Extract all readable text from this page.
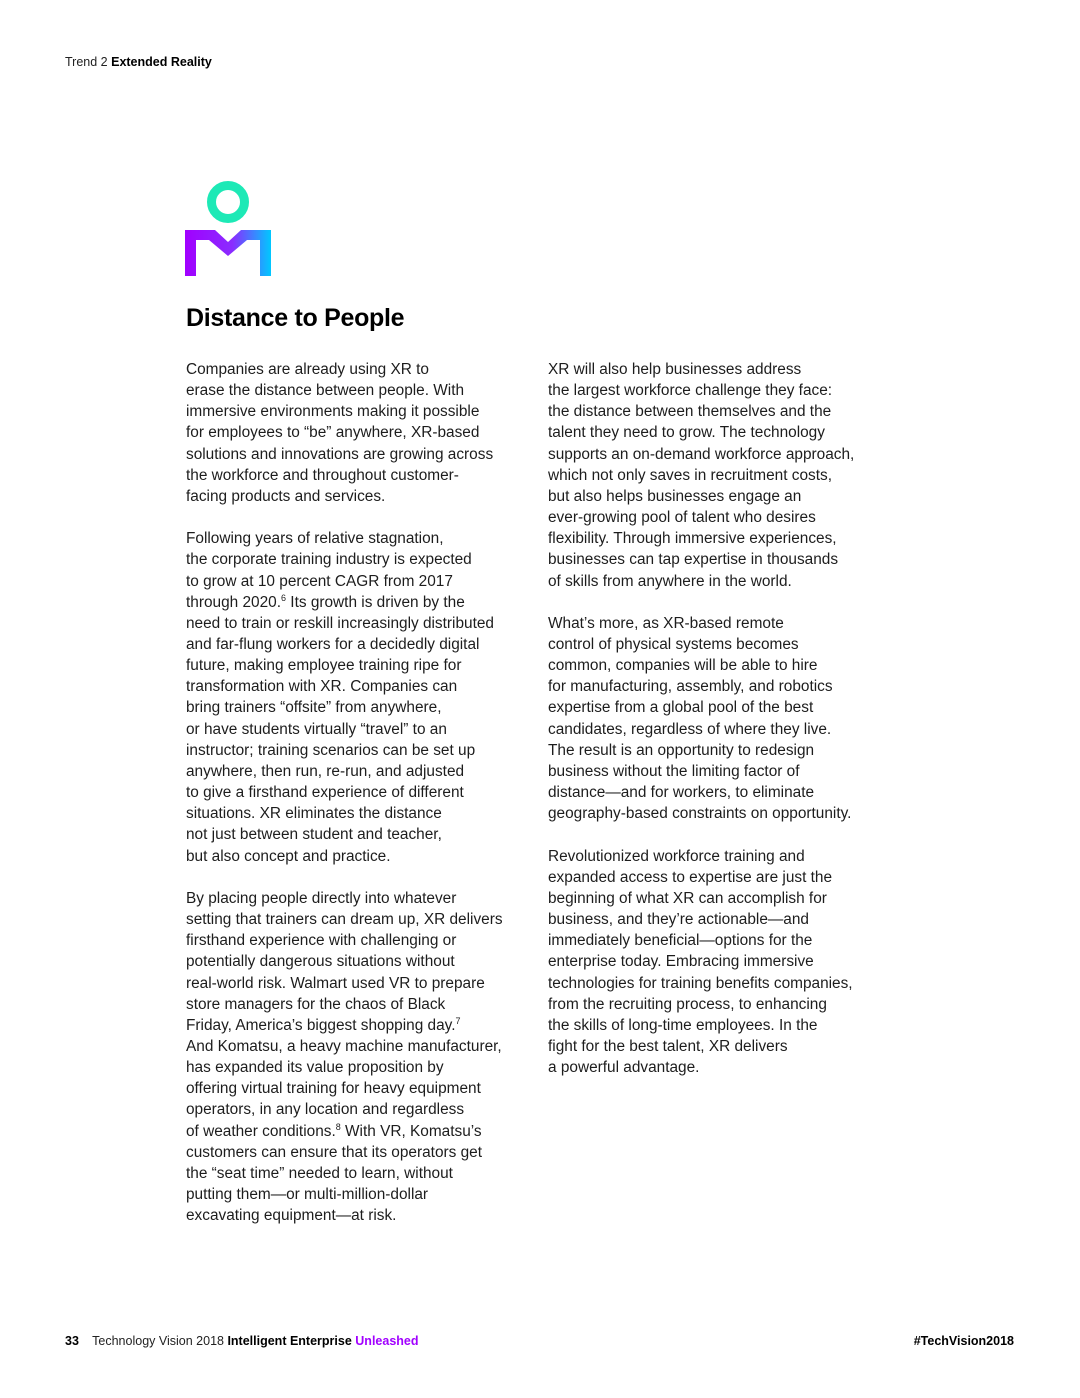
Trend 2 Extended Reality
Distance to People

Companies are already using XR to
erase the distance between people. With
immersive environments making it possible
for employees to “be” anywhere, XR-based
solutions and innovations are growing across
the workforce and throughout customer-
facing products and services.

Following years of relative stagnation,
the corporate training industry is expected
to grow at 10 percent CAGR from 2017
through 2020.$^6$ Its growth is driven by the
need to train or reskill increasingly distributed
and far-flung workers for a decidedly digital
future, making employee training ripe for
transformation with XR. Companies can
bring trainers “offsite” from anywhere,
or have students virtually “travel” to an
instructor; training scenarios can be set up
anywhere, then run, re-run, and adjusted
to give a firsthand experience of different
situations. XR eliminates the distance
not just between student and teacher,
but also concept and practice.

By placing people directly into whatever
setting that trainers can dream up, XR delivers
firsthand experience with challenging or
potentially dangerous situations without
real-world risk. Walmart used VR to prepare
store managers for the chaos of Black
Friday, America’s biggest shopping day.$^7$
And Komatsu, a heavy machine manufacturer,
has expanded its value proposition by
offering virtual training for heavy equipment
operators, in any location and regardless
of weather conditions.$^8$ With VR, Komatsu’s
customers can ensure that its operators get
the “seat time” needed to learn, without
putting them—or multi-million-dollar
excavating equipment—at risk.

XR will also help businesses address
the largest workforce challenge they face:
the distance between themselves and the
talent they need to grow. The technology
supports an on-demand workforce approach,
which not only saves in recruitment costs,
but also helps businesses engage an
ever-growing pool of talent who desires
flexibility. Through immersive experiences,
businesses can tap expertise in thousands
of skills from anywhere in the world.

What’s more, as XR-based remote
control of physical systems becomes
common, companies will be able to hire
for manufacturing, assembly, and robotics
expertise from a global pool of the best
candidates, regardless of where they live.
The result is an opportunity to redesign
business without the limiting factor of
distance—and for workers, to eliminate
geography-based constraints on opportunity.

Revolutionized workforce training and
expanded access to expertise are just the
beginning of what XR can accomplish for
business, and they’re actionable—and
immediately beneficial—options for the
enterprise today. Embracing immersive
technologies for training benefits companies,
from the recruiting process, to enhancing
the skills of long-time employees. In the
fight for the best talent, XR delivers
a powerful advantage.

33 Technology Vision 2018 Intelligent Enterprise Unleashed	#TechVision2018
